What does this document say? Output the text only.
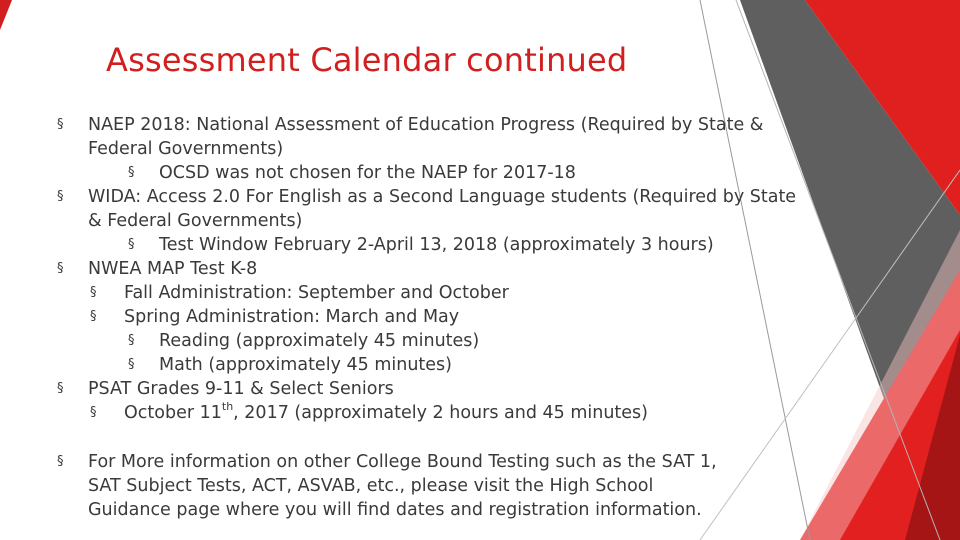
Assessment Calendar continued
§ NAEP 2018: National Assessment of Education Progress (Required by State &
Federal Governments)
§ OCSD was not chosen for the NAEP for 2017-18
§ WIDA: Access 2.0 For English as a Second Language students (Required by State
& Federal Governments)
§ Test Window February 2-April 13, 2018 (approximately 3 hours)
§ NWEA MAP Test K-8
§ Fall Administration: September and October
§ Spring Administration: March and May
§ Reading (approximately 45 minutes)
§ Math (approximately 45 minutes)
§ PSAT Grades 9-11 & Select Seniors
§ October 11th, 2017 (approximately 2 hours and 45 minutes)
§ For More information on other College Bound Testing such as the SAT 1,
SAT Subject Tests, ACT, ASVAB, etc., please visit the High School
Guidance page where you will find dates and registration information.
